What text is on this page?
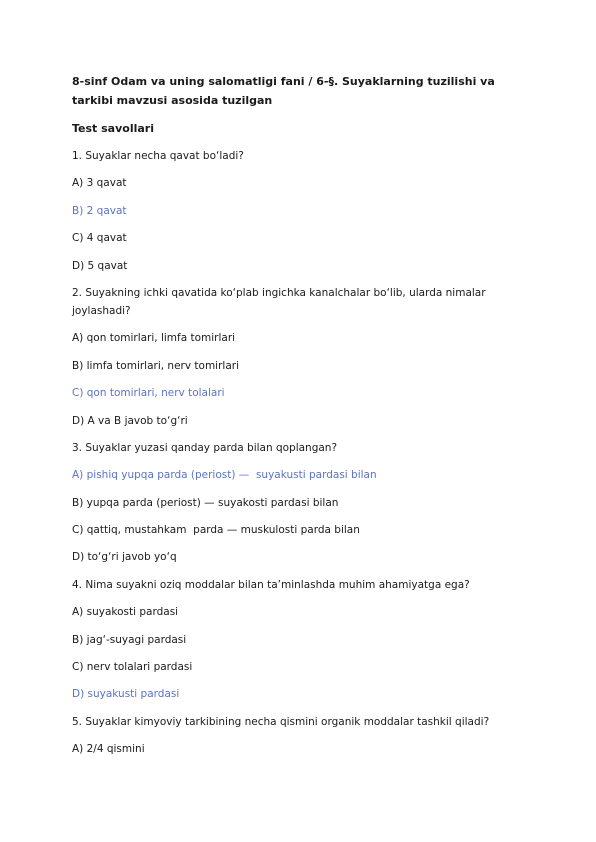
8-sinf Odam va uning salomatligi fani / 6-§. Suyaklarning tuzilishi va tarkibi mavzusi asosida tuzilgan
Test savollari
1. Suyaklar necha qavat bo‘ladi?
A) 3 qavat
B) 2 qavat
C) 4 qavat
D) 5 qavat
2. Suyakning ichki qavatida ko‘plab ingichka kanalchalar bo‘lib, ularda nimalar joylashadi?
A) qon tomirlari, limfa tomirlari
B) limfa tomirlari, nerv tomirlari
C) qon tomirlari, nerv tolalari
D) A va B javob to‘g‘ri
3. Suyaklar yuzasi qanday parda bilan qoplangan?
A) pishiq yupqa parda (periost) —  suyakusti pardasi bilan
B) yupqa parda (periost) — suyakosti pardasi bilan
C) qattiq, mustahkam  parda — muskulosti parda bilan
D) to‘g‘ri javob yo‘q
4. Nima suyakni oziq moddalar bilan ta’minlashda muhim ahamiyatga ega?
A) suyakosti pardasi
B) jag‘-suyagi pardasi
C) nerv tolalari pardasi
D) suyakusti pardasi
5. Suyaklar kimyoviy tarkibining necha qismini organik moddalar tashkil qiladi?
A) 2/4 qismini
